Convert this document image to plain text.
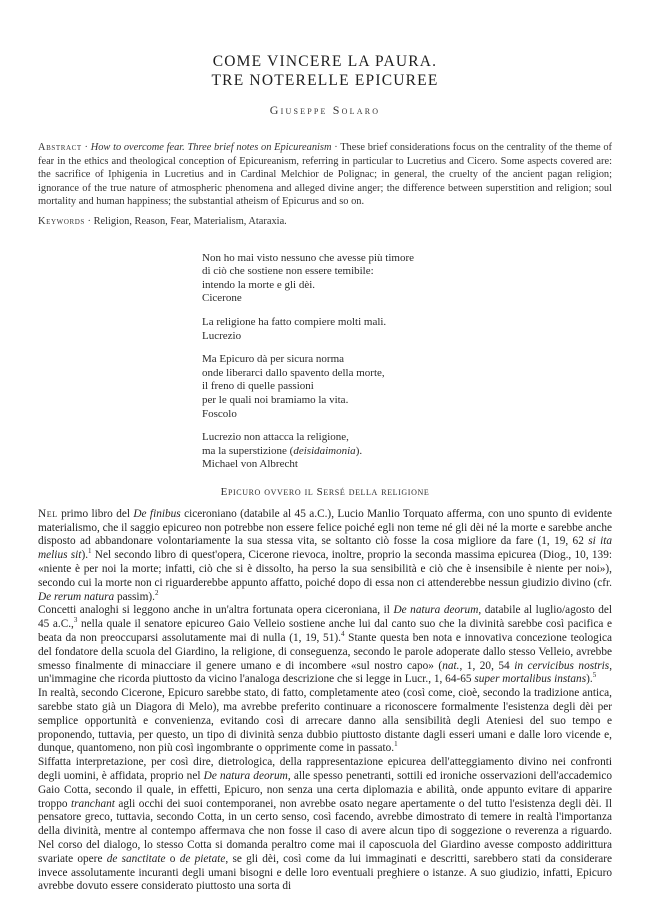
COME VINCERE LA PAURA.
TRE NOTERELLE EPICUREE
Giuseppe Solaro
Abstract · How to overcome fear. Three brief notes on Epicureanism · These brief considerations focus on the centrality of the theme of fear in the ethics and theological conception of Epicureanism, referring in particular to Lucretius and Cicero. Some aspects covered are: the sacrifice of Iphigenia in Lucretius and in Cardinal Melchior de Polignac; in general, the cruelty of the ancient pagan religion; ignorance of the true nature of atmospheric phenomena and alleged divine anger; the difference between superstition and religion; soul mortality and human happiness; the substantial atheism of Epicurus and so on.
Keywords · Religion, Reason, Fear, Materialism, Ataraxia.
Non ho mai visto nessuno che avesse più timore
di ciò che sostiene non essere temibile:
intendo la morte e gli dèi.
Cicerone
La religione ha fatto compiere molti mali.
Lucrezio
Ma Epicuro dà per sicura norma
onde liberarci dallo spavento della morte,
il freno di quelle passioni
per le quali noi bramiamo la vita.
Foscolo
Lucrezio non attacca la religione,
ma la superstizione (deisidaimonia).
Michael von Albrecht
Epicuro ovvero il Sersé della religione

Nel primo libro del De finibus ciceroniano (databile al 45 a.C.), Lucio Manlio Torquato afferma, con uno spunto di evidente materialismo, che il saggio epicureo non potrebbe non essere felice poiché egli non teme né gli dèi né la morte e sarebbe anche disposto ad abbandonare volontariamente la sua stessa vita, se soltanto ciò fosse la cosa migliore da fare (1, 19, 62 si ita melius sit).$^1$ Nel secondo libro di quest'opera, Cicerone rievoca, inoltre, proprio la seconda massima epicurea (Diog., 10, 139: «niente è per noi la morte; infatti, ciò che si è dissolto, ha perso la sua sensibilità e ciò che è insensibile è niente per noi»), secondo cui la morte non ci riguarderebbe appunto affatto, poiché dopo di essa non ci attenderebbe nessun giudizio divino (cfr. De rerum natura passim).$^2$

Concetti analoghi si leggono anche in un'altra fortunata opera ciceroniana, il De natura deorum, databile al luglio/agosto del 45 a.C.,$^3$ nella quale il senatore epicureo Gaio Velleio sostiene anche lui dal canto suo che la divinità sarebbe così pacifica e beata da non preoccuparsi assolutamente mai di nulla (1, 19, 51).$^4$ Stante questa ben nota e innovativa concezione teologica del fondatore della scuola del Giardino, la religione, di conseguenza, secondo le parole adoperate dallo stesso Velleio, avrebbe smesso finalmente di minacciare il genere umano e di incombere «sul nostro capo» (nat., 1, 20, 54 in cervicibus nostris, un'immagine che ricorda piuttosto da vicino l'analoga descrizione che si legge in Lucr., 1, 64-65 super mortalibus instans).$^5$

In realtà, secondo Cicerone, Epicuro sarebbe stato, di fatto, completamente ateo (così come, cioè, secondo la tradizione antica, sarebbe stato già un Diagora di Melo), ma avrebbe preferito continuare a riconoscere formalmente l'esistenza degli dèi per semplice opportunità e convenienza, evitando così di arrecare danno alla sensibilità degli Ateniesi del suo tempo e proponendo, tuttavia, per questo, un tipo di divinità senza dubbio piuttosto distante dagli esseri umani e dalle loro vicende e, dunque, quantomeno, non più così ingombrante o opprimente come in passato.$^1$

Siffatta interpretazione, per così dire, dietrologica, della rappresentazione epicurea dell'atteggiamento divino nei confronti degli uomini, è affidata, proprio nel De natura deorum, alle spesso penetranti, sottili ed ironiche osservazioni dell'accademico Gaio Cotta, secondo il quale, in effetti, Epicuro, non senza una certa diplomazia e abilità, onde appunto evitare di apparire troppo tranchant agli occhi dei suoi contemporanei, non avrebbe osato negare apertamente o del tutto l'esistenza degli dèi. Il pensatore greco, tuttavia, secondo Cotta, in un certo senso, così facendo, avrebbe dimostrato di temere in realtà l'importanza della divinità, mentre al contempo affermava che non fosse il caso di avere alcun tipo di soggezione o reverenza a riguardo. Nel corso del dialogo, lo stesso Cotta si domanda peraltro come mai il caposcuola del Giardino avesse composto addirittura svariate opere de sanctitate o de pietate, se gli dèi, così come da lui immaginati e descritti, sarebbero stati da considerare invece assolutamente incuranti degli umani bisogni e delle loro eventuali preghiere o istanze. A suo giudizio, infatti, Epicuro avrebbe dovuto essere considerato piuttosto una sorta di
